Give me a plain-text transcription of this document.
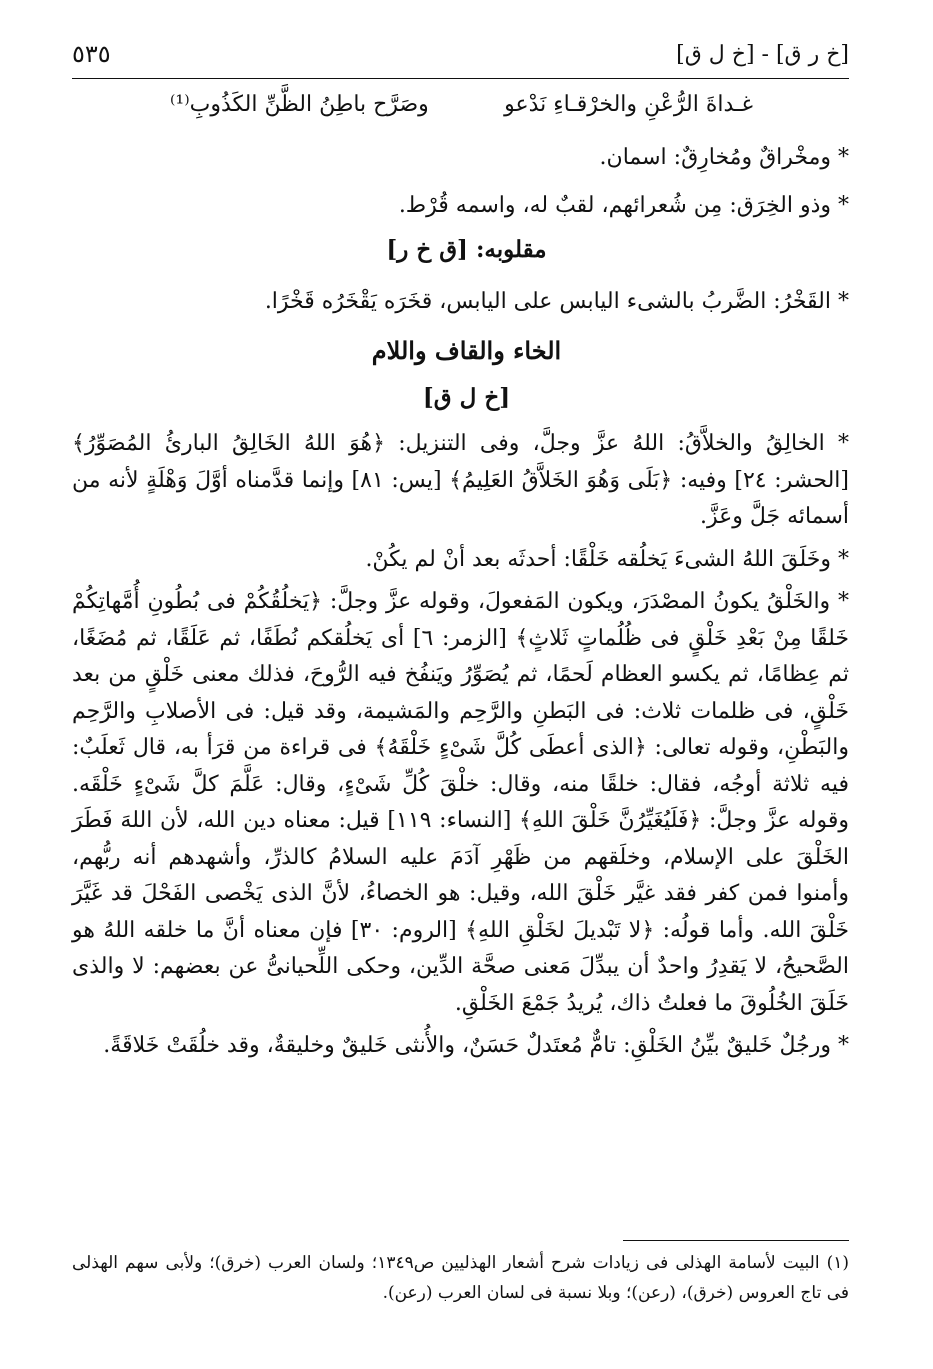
[خ ر ق] - [خ ل ق]
٥٣٥
غـداةَ الرُّعْنِ والخرْقـاءِ نَدْعو
وصَرَّح باطِنُ الظَّنِّ الكَذُوبِ⁽¹⁾
* ومخْراقٌ ومُخارِقٌ: اسمان.
* وذو الخِرَق: مِن شُعرائهم، لقبٌ له، واسمه قُرْط.
مقلوبه: [ق خ ر]
* القَخْرُ: الضَّربُ بالشىء اليابس على اليابس، قخَرَه يَقْخَرُه قَخْرًا.
الخاء والقاف واللام
[خ ل ق]

* الخالِقُ والخلاَّقُ: اللهُ عزَّ وجلَّ، وفى التنزيل: ﴿هُوَ اللهُ الخَالِقُ البارئُ المُصَوِّرُ﴾ [الحشر: ٢٤] وفيه: ﴿بَلَى وَهُوَ الخَلاَّقُ العَلِيمُ﴾ [يس: ٨١] وإنما قدَّمناه أوَّلَ وَهْلَةٍ لأنه من أسمائه جَلَّ وعَزَّ.

* وخَلَقَ اللهُ الشىءَ يَخلُقه خَلْقًا: أحدثَه بعد أنْ لم يكُنْ.

* والخَلْقُ يكونُ المصْدَرَ، ويكون المَفعولَ، وقوله عزَّ وجلَّ: ﴿يَخلُقُكُمْ فى بُطُونِ أُمَّهاتِكُمْ خَلقًا مِنْ بَعْدِ خَلْقٍ فى ظُلُماتٍ ثَلاثٍ﴾ [الزمر: ٦] أى يَخلُقكم نُطَفًا، ثم عَلَقًا، ثم مُضَغًا، ثم عِظامًا، ثم يكسو العظام لَحمًا، ثم يُصَوِّرُ ويَنفُخ فيه الرُّوحَ، فذلك معنى خَلْقٍ من بعد خَلْقٍ، فى ظلمات ثلاث: فى البَطنِ والرَّحِم والمَشيمة، وقد قيل: فى الأصلابِ والرَّحِم والبَطْنِ، وقوله تعالى: ﴿الذى أعطَى كُلَّ شَىْءٍ خَلْقَهُ﴾ فى قراءة من قرَأ به، قال ثَعلَبٌ: فيه ثلاثة أوجُه، فقال: خلقًا منه، وقال: خلْقَ كُلِّ شَىْءٍ، وقال: عَلَّمَ كلَّ شَىْءٍ خَلْقَه. وقوله عزَّ وجلَّ: ﴿فَلَيُغَيِّرُنَّ خَلْقَ اللهِ﴾ [النساء: ١١٩] قيل: معناه دين الله، لأن اللهَ فَطَرَ الخَلْقَ على الإسلام، وخلَقهم من ظَهْرِ آدَمَ عليه السلامُ كالذرِّ، وأشهدهم أنه ربُّهم، وأمنوا فمن كفر فقد غيَّر خَلْقَ الله، وقيل: هو الخصاءُ، لأنَّ الذى يَخْصى الفَحْلَ قد غَيَّرَ خَلْقَ الله. وأما قولُه: ﴿لا تَبْديلَ لخَلْقِ اللهِ﴾ [الروم: ٣٠] فإن معناه أنَّ ما خلقه اللهُ هو الصَّحيحُ، لا يَقدِرُ واحدٌ أن يبدِّلَ مَعنى صحَّة الدِّين، وحكى اللِّحيانىُّ عن بعضهم: لا والذى خَلَقَ الخُلُوقَ ما فعلتُ ذاك، يُريدُ جَمْعَ الخَلْقِ.

* ورجُلٌ خَليقٌ بيِّنُ الخَلْقِ: تامٌّ مُعتَدلٌ حَسَنٌ، والأُنثى خَليقٌ وخليقةٌ، وقد خلُقَتْ خَلاقَةً.

(١) البيت لأسامة الهذلى فى زيادات شرح أشعار الهذليين ص١٣٤٩؛ ولسان العرب (خرق)؛ ولأبى سهم الهذلى فى تاج العروس (خرق)، (رعن)؛ وبلا نسبة فى لسان العرب (رعن).
